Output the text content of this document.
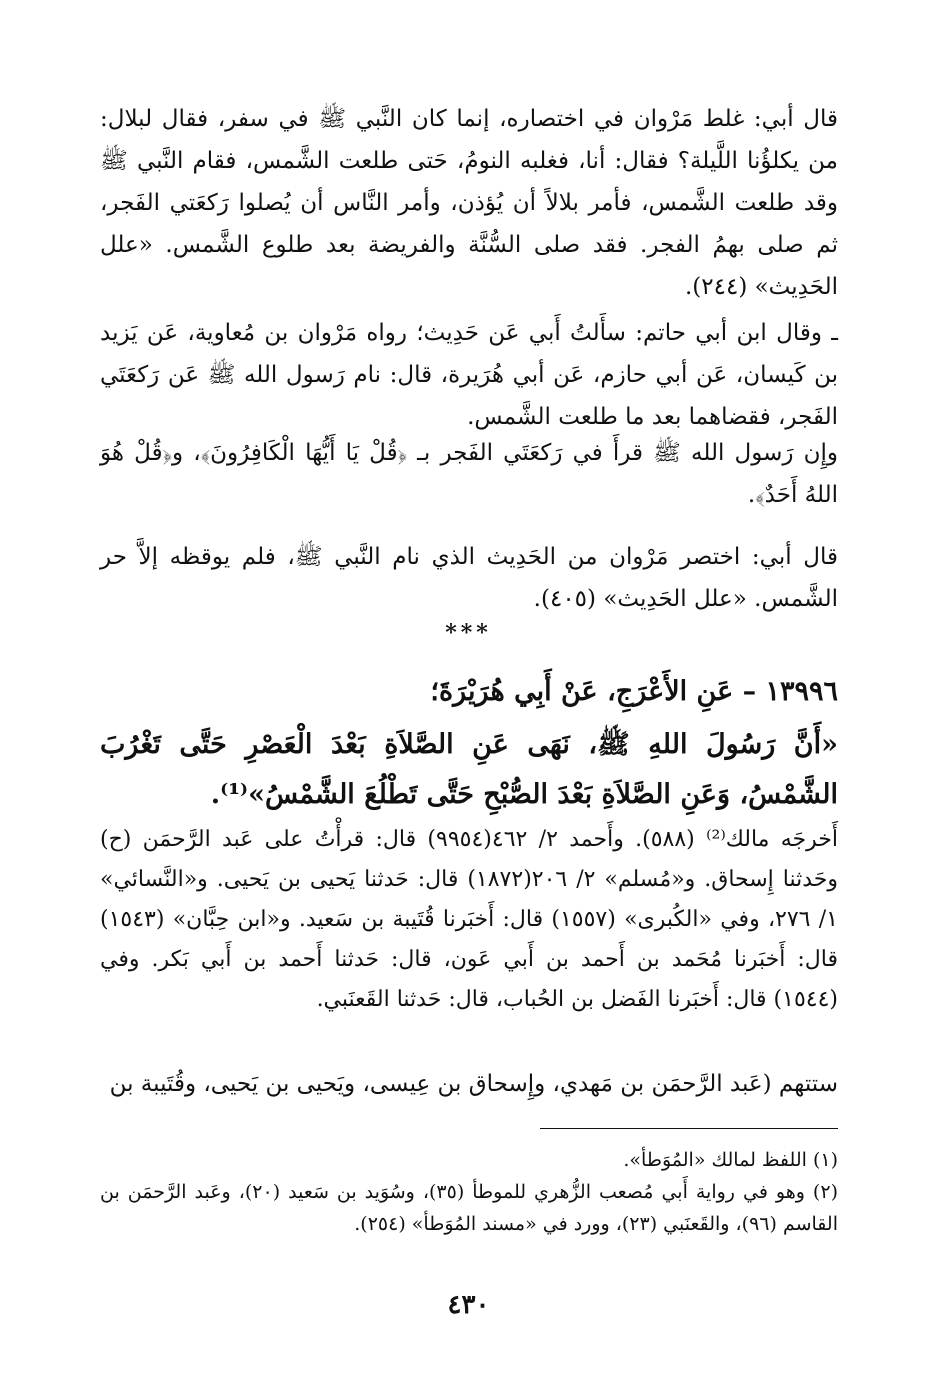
قال أبي: غلط مَرْوان في اختصاره، إنما كان النَّبي ﷺ في سفر، فقال لبلال: من يكلؤُنا اللَّيلة؟ فقال: أنا، فغلبه النومُ، حَتى طلعت الشَّمس، فقام النَّبي ﷺ وقد طلعت الشَّمس، فأمر بلالاً أن يُؤذن، وأمر النَّاس أن يُصلوا رَكعَتي الفَجر، ثم صلى بهمُ الفجر. فقد صلى السُّنَّة والفريضة بعد طلوع الشَّمس. «علل الحَدِيث» (٢٤٤).

ـ وقال ابن أبي حاتم: سأَلتُ أَبي عَن حَدِيث؛ رواه مَرْوان بن مُعاوية، عَن يَزيد بن كَيسان، عَن أبي حازم، عَن أبي هُرَيرة، قال: نام رَسول الله ﷺ عَن رَكعَتَي الفَجر، فقضاهما بعد ما طلعت الشَّمس.

وإِن رَسول الله ﷺ قرأَ في رَكعَتَي الفَجر بـ ﴿قُلْ يَا أَيُّهَا الْكَافِرُونَ﴾، و﴿قُلْ هُوَ اللهُ أَحَدٌ﴾.

قال أبي: اختصر مَرْوان من الحَدِيث الذي نام النَّبي ﷺ، فلم يوقظه إلاَّ حر الشَّمس. «علل الحَدِيث» (٤٠٥).

***
١٣٩٩٦ – عَنِ الأَعْرَجِ، عَنْ أَبِي هُرَيْرَةَ؛
«أَنَّ رَسُولَ اللهِ ﷺ، نَهَى عَنِ الصَّلاَةِ بَعْدَ الْعَصْرِ حَتَّى تَغْرُبَ الشَّمْسُ، وَعَنِ الصَّلاَةِ بَعْدَ الصُّبْحِ حَتَّى تَطْلُعَ الشَّمْسُ»⁽¹⁾.
أَخرجَه مالك⁽²⁾ (٥٨٨). وأَحمد ٢/ ٤٦٢(٩٩٥٤) قال: قرأْتُ على عَبد الرَّحمَن (ح) وحَدثنا إِسحاق. و«مُسلم» ٢/ ٢٠٦(١٨٧٢) قال: حَدثنا يَحيى بن يَحيى. و«النَّسائي» ١/ ٢٧٦، وفي «الكُبرى» (١٥٥٧) قال: أَخبَرنا قُتَيبة بن سَعيد. و«ابن حِبَّان» (١٥٤٣) قال: أَخبَرنا مُحَمد بن أَحمد بن أَبي عَون، قال: حَدثنا أَحمد بن أَبي بَكر. وفي (١٥٤٤) قال: أَخبَرنا الفَضل بن الحُباب، قال: حَدثنا القَعنَبي.
ستتهم (عَبد الرَّحمَن بن مَهدي، وإِسحاق بن عِيسى، ويَحيى بن يَحيى، وقُتَيبة بن

(١) اللفظ لمالك «المُوَطأ».

(٢) وهو في رواية أَبي مُصعب الزُّهري للموطأ (٣٥)، وسُوَيد بن سَعيد (٢٠)، وعَبد الرَّحمَن بن القاسم (٩٦)، والقَعنَبي (٢٣)، وورد في «مسند المُوَطأ» (٢٥٤).

٤٣٠
